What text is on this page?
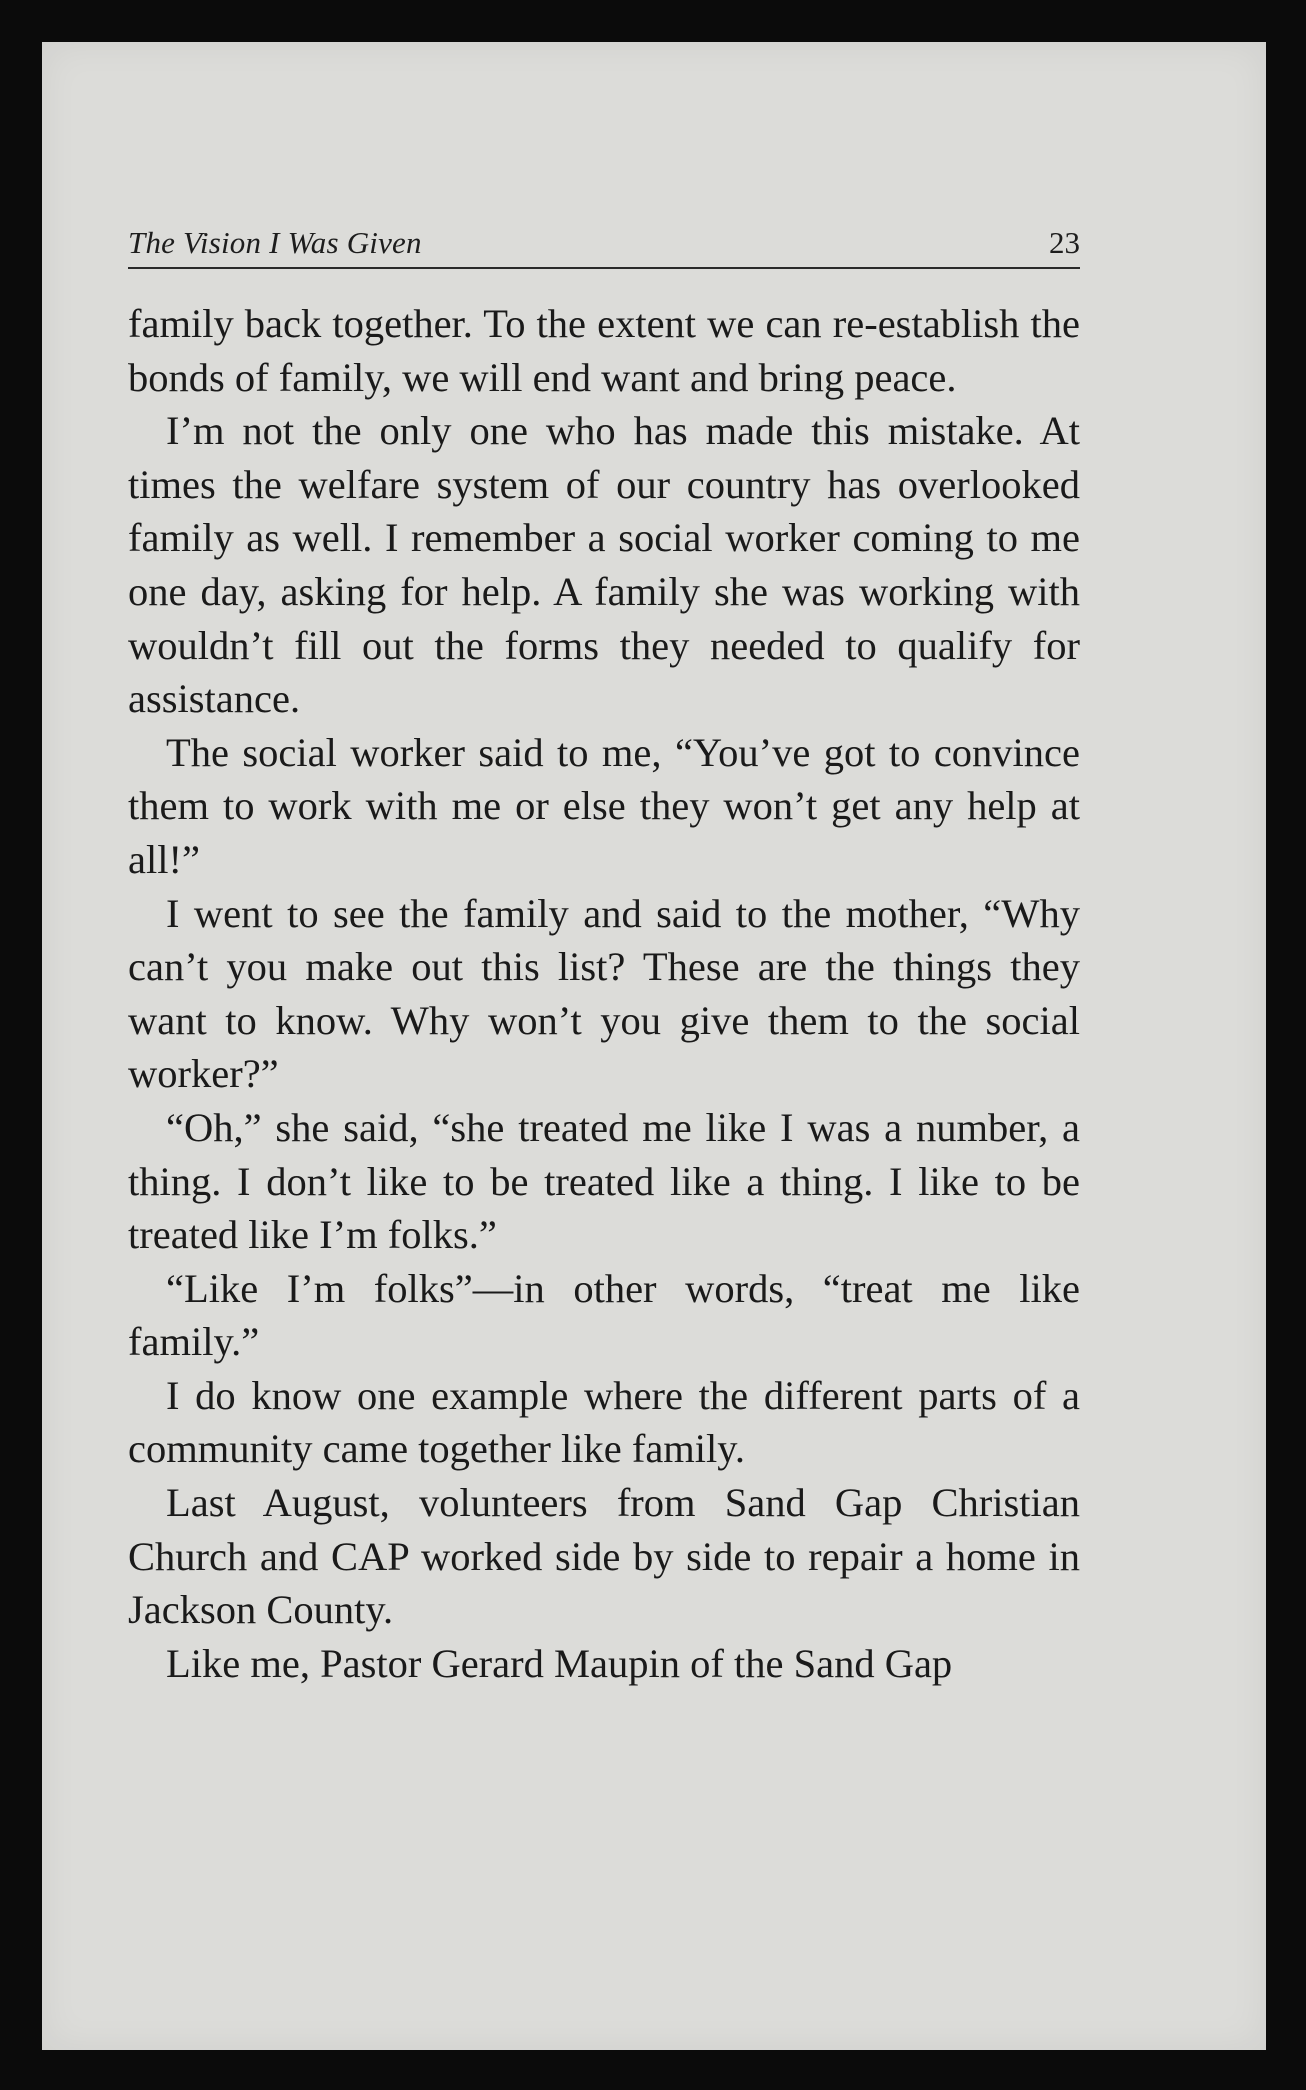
The Vision I Was Given	23

family back together. To the extent we can re-establish the bonds of family, we will end want and bring peace.

I’m not the only one who has made this mistake. At times the welfare system of our country has overlooked family as well. I remember a social worker coming to me one day, asking for help. A family she was working with wouldn’t fill out the forms they needed to qualify for assistance.

The social worker said to me, “You’ve got to convince them to work with me or else they won’t get any help at all!”

I went to see the family and said to the mother, “Why can’t you make out this list? These are the things they want to know. Why won’t you give them to the social worker?”

“Oh,” she said, “she treated me like I was a number, a thing. I don’t like to be treated like a thing. I like to be treated like I’m folks.”

“Like I’m folks”—in other words, “treat me like family.”

I do know one example where the different parts of a community came together like family.

Last August, volunteers from Sand Gap Christian Church and CAP worked side by side to repair a home in Jackson County.

Like me, Pastor Gerard Maupin of the Sand Gap
